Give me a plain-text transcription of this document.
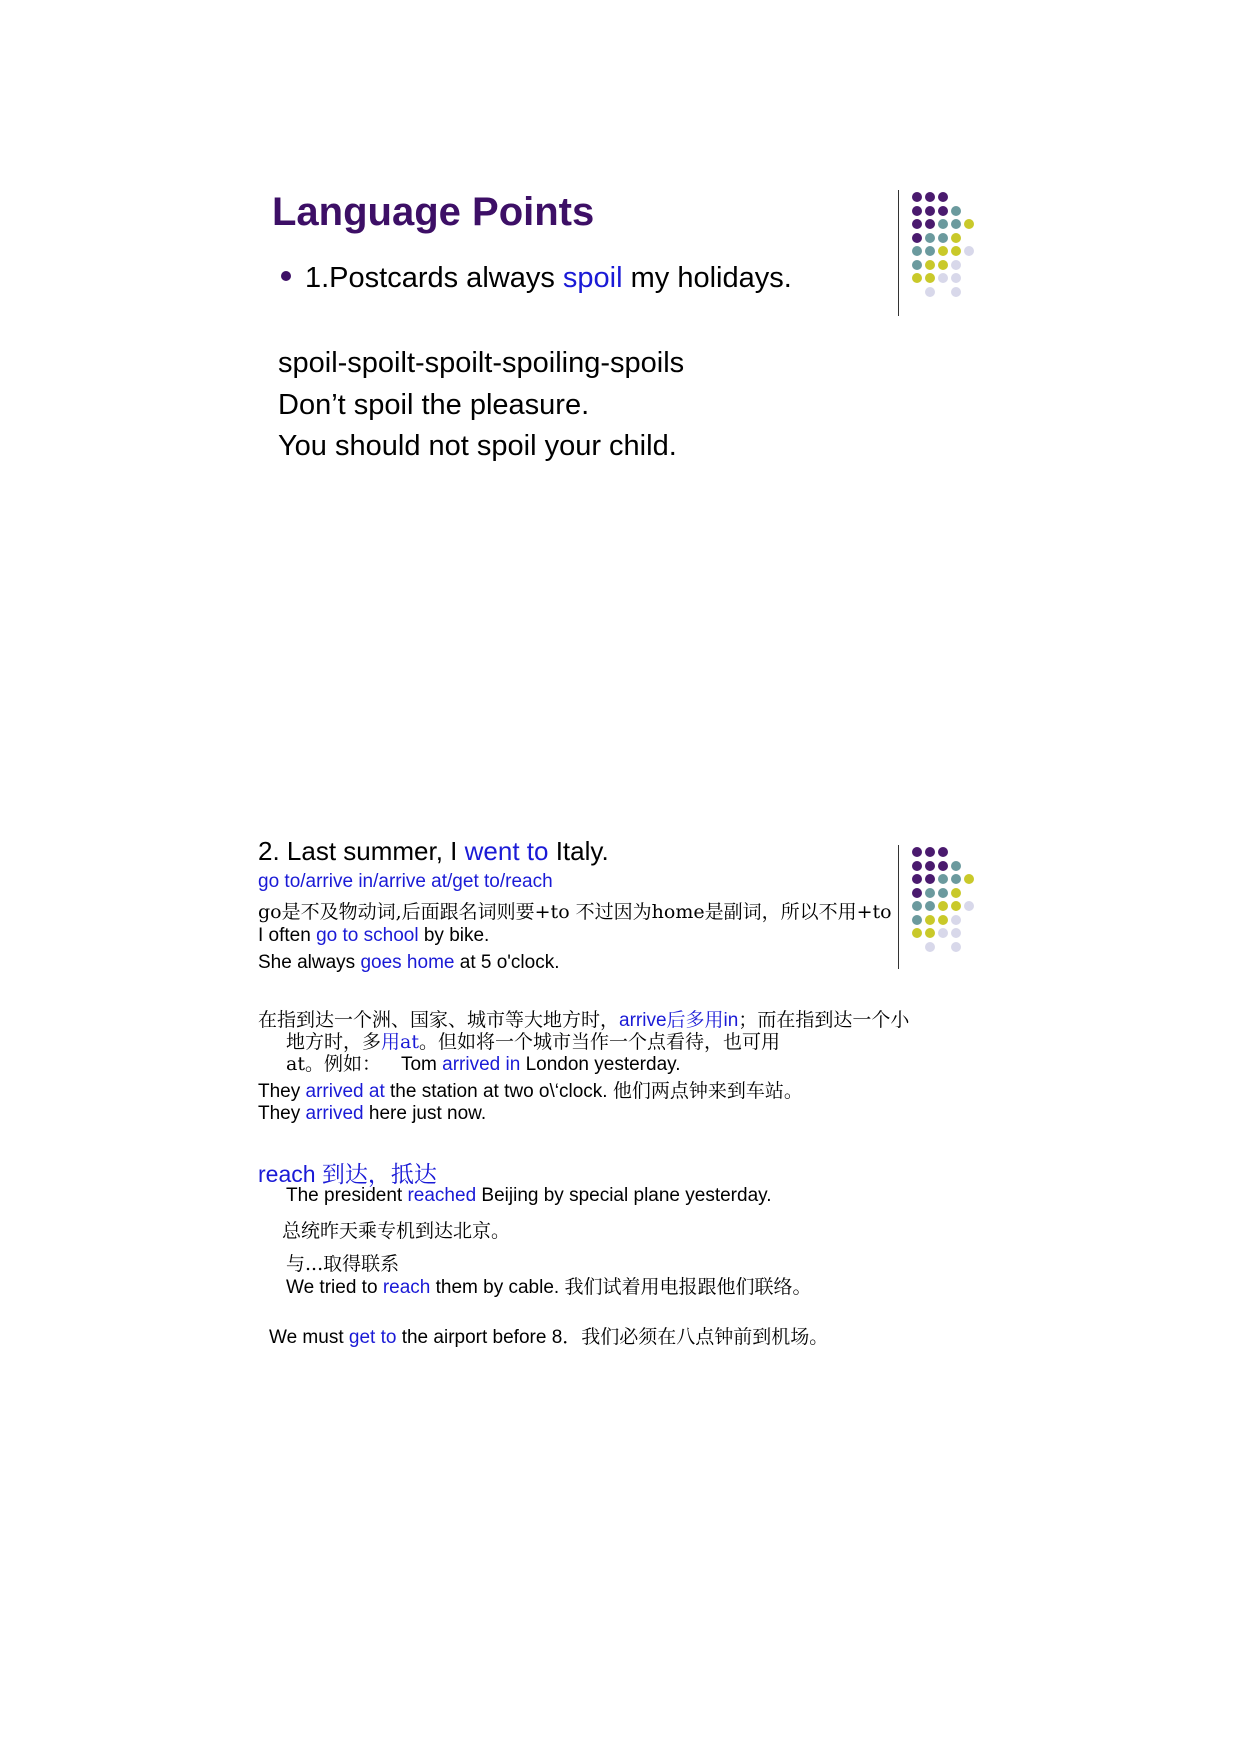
Language Points
1.Postcards always spoil my holidays.
spoil-spoilt-spoilt-spoiling-spoils
Don’t spoil the pleasure.
You should not spoil your child.
2. Last summer, I went to Italy.
go to/arrive in/arrive at/get to/reach
go是不及物动词,后面跟名词则要+to 不过因为home是副词，所以不用+to
I often go to school by bike.
She always goes home at 5 o'clock.
在指到达一个洲、国家、城市等大地方时，arrive后多用in；而在指到达一个小
地方时，多用at。但如将一个城市当作一个点看待，也可用
at。例如： Tom arrived in London yesterday.
They arrived at the station at two o\‘clock. 他们两点钟来到车站。
They arrived here just now.
reach 到达，抵达
The president reached Beijing by special plane yesterday.
总统昨天乘专机到达北京。
与...取得联系
We tried to reach them by cable. 我们试着用电报跟他们联络。
We must get to the airport before 8．我们必须在八点钟前到机场。
